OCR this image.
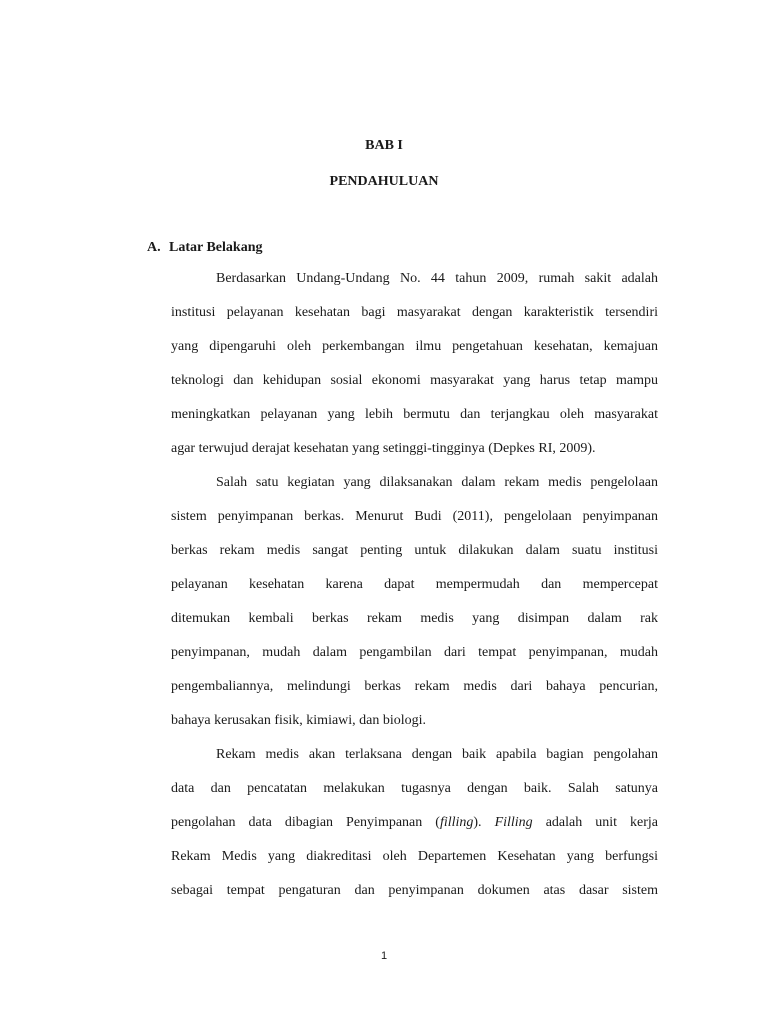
BAB I
PENDAHULUAN
A. Latar Belakang
Berdasarkan Undang-Undang No. 44 tahun 2009, rumah sakit adalah
institusi pelayanan kesehatan bagi masyarakat dengan karakteristik tersendiri
yang dipengaruhi oleh perkembangan ilmu pengetahuan kesehatan, kemajuan
teknologi dan kehidupan sosial ekonomi masyarakat yang harus tetap mampu
meningkatkan pelayanan yang lebih bermutu dan terjangkau oleh masyarakat
agar terwujud derajat kesehatan yang setinggi-tingginya (Depkes RI, 2009).
Salah satu kegiatan yang dilaksanakan dalam rekam medis pengelolaan
sistem penyimpanan berkas. Menurut Budi (2011), pengelolaan penyimpanan
berkas rekam medis sangat penting untuk dilakukan dalam suatu institusi
pelayanan kesehatan karena dapat mempermudah dan mempercepat
ditemukan kembali berkas rekam medis yang disimpan dalam rak
penyimpanan, mudah dalam pengambilan dari tempat penyimpanan, mudah
pengembaliannya, melindungi berkas rekam medis dari bahaya pencurian,
bahaya kerusakan fisik, kimiawi, dan biologi.
Rekam medis akan terlaksana dengan baik apabila bagian pengolahan
data dan pencatatan melakukan tugasnya dengan baik. Salah satunya
pengolahan data dibagian Penyimpanan (filling). Filling adalah unit kerja
Rekam Medis yang diakreditasi oleh Departemen Kesehatan yang berfungsi
sebagai tempat pengaturan dan penyimpanan dokumen atas dasar sistem
1
